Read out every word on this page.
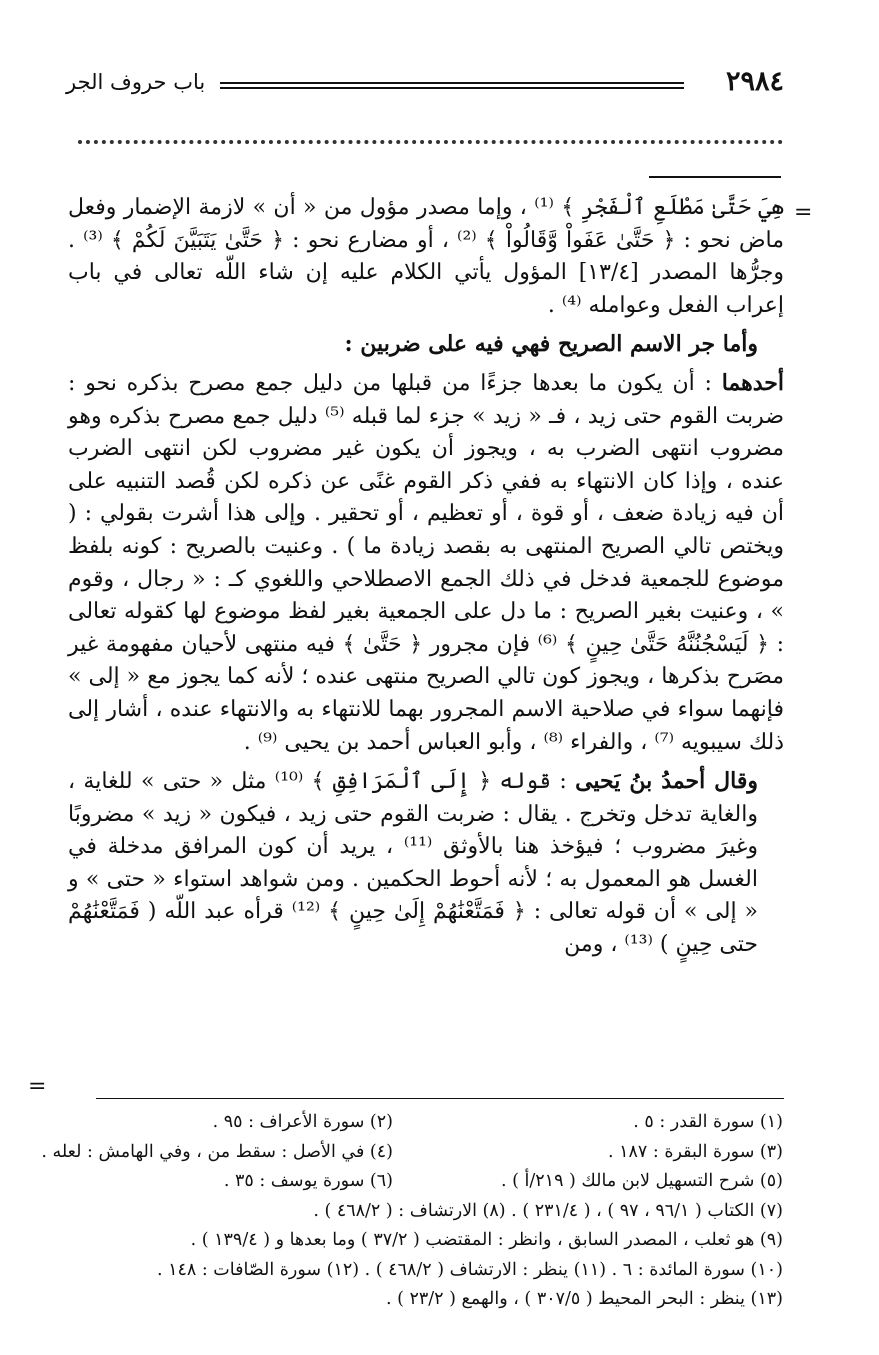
٢٩٨٤
باب حروف الجر
=

هِيَ حَتَّىٰ مَطْلَعِ ٱلْفَجْرِ ﴾ ⁽¹⁾ ، وإما مصدر مؤول من « أن » لازمة الإضمار وفعل ماض نحو : ﴿ حَتَّىٰ عَفَواْ وَّقَالُواْ ﴾ ⁽²⁾ ، أو مضارع نحو : ﴿ حَتَّىٰ يَتَبَيَّنَ لَكُمْ ﴾ ⁽³⁾ . وجرُّها المصدر [١٣/٤] المؤول يأتي الكلام عليه إن شاء اللّه تعالى في باب إعراب الفعل وعوامله ⁽⁴⁾ .

وأما جر الاسم الصريح فهي فيه على ضربين :

أحدهما : أن يكون ما بعدها جزءًا من قبلها من دليل جمع مصرح بذكره نحو : ضربت القوم حتى زيد ، فـ « زيد » جزء لما قبله ⁽⁵⁾ دليل جمع مصرح بذكره وهو مضروب انتهى الضرب به ، ويجوز أن يكون غير مضروب لكن انتهى الضرب عنده ، وإذا كان الانتهاء به ففي ذكر القوم غنًى عن ذكره لكن قُصد التنبيه على أن فيه زيادة ضعف ، أو قوة ، أو تعظيم ، أو تحقير . وإلى هذا أشرت بقولي : ( ويختص تالي الصريح المنتهى به بقصد زيادة ما ) . وعنيت بالصريح : كونه بلفظ موضوع للجمعية فدخل في ذلك الجمع الاصطلاحي واللغوي كـ : « رجال ، وقوم » ، وعنيت بغير الصريح : ما دل على الجمعية بغير لفظ موضوع لها كقوله تعالى : ﴿ لَيَسْجُنُنَّهُ حَتَّىٰ حِينٍ ﴾ ⁽⁶⁾ فإن مجرور ﴿ حَتَّىٰ ﴾ فيه منتهى لأحيان مفهومة غير مصَرح بذكرها ، ويجوز كون تالي الصريح منتهى عنده ؛ لأنه كما يجوز مع « إلى » فإنهما سواء في صلاحية الاسم المجرور بهما للانتهاء به والانتهاء عنده ، أشار إلى ذلك سيبويه ⁽⁷⁾ ، والفراء ⁽⁸⁾ ، وأبو العباس أحمد بن يحيى ⁽⁹⁾ .

وقال أحمدُ بنُ يَحيى : قوله ﴿ إِلَى ٱلْمَرَافِقِ ﴾ ⁽¹⁰⁾ مثل « حتى » للغاية ، والغاية تدخل وتخرج . يقال : ضربت القوم حتى زيد ، فيكون « زيد » مضروبًا وغيرَ مضروب ؛ فيؤخذ هنا بالأوثق ⁽¹¹⁾ ، يريد أن كون المرافق مدخلة في الغسل هو المعمول به ؛ لأنه أحوط الحكمين . ومن شواهد استواء « حتى » و « إلى » أن قوله تعالى : ﴿ فَمَتَّعْنَٰهُمْ إِلَىٰ حِينٍ ﴾ ⁽¹²⁾ قرأه عبد اللّه ( فَمَتَّعْنَٰهُمْ حتى حِينٍ ) ⁽¹³⁾ ، ومن

=
(١) سورة القدر : ٥ .
(٢) سورة الأعراف : ٩٥ .
(٣) سورة البقرة : ١٨٧ .
(٤) في الأصل : سقط من ، وفي الهامش : لعله .
(٥) شرح التسهيل لابن مالك ( ٢١٩/أ ) .
(٦) سورة يوسف : ٣٥ .
(٧) الكتاب ( ٩٦/١ ، ٩٧ ) ، ( ٢٣١/٤ ) . (٨) الارتشاف : ( ٤٦٨/٢ ) .
(٩) هو ثعلب ، المصدر السابق ، وانظر : المقتضب ( ٣٧/٢ ) وما بعدها و ( ١٣٩/٤ ) .
(١٠) سورة المائدة : ٦ . (١١) ينظر : الارتشاف ( ٤٦٨/٢ ) . (١٢) سورة الصّافات : ١٤٨ .
(١٣) ينظر : البحر المحيط ( ٣٠٧/٥ ) ، والهمع ( ٢٣/٢ ) .
